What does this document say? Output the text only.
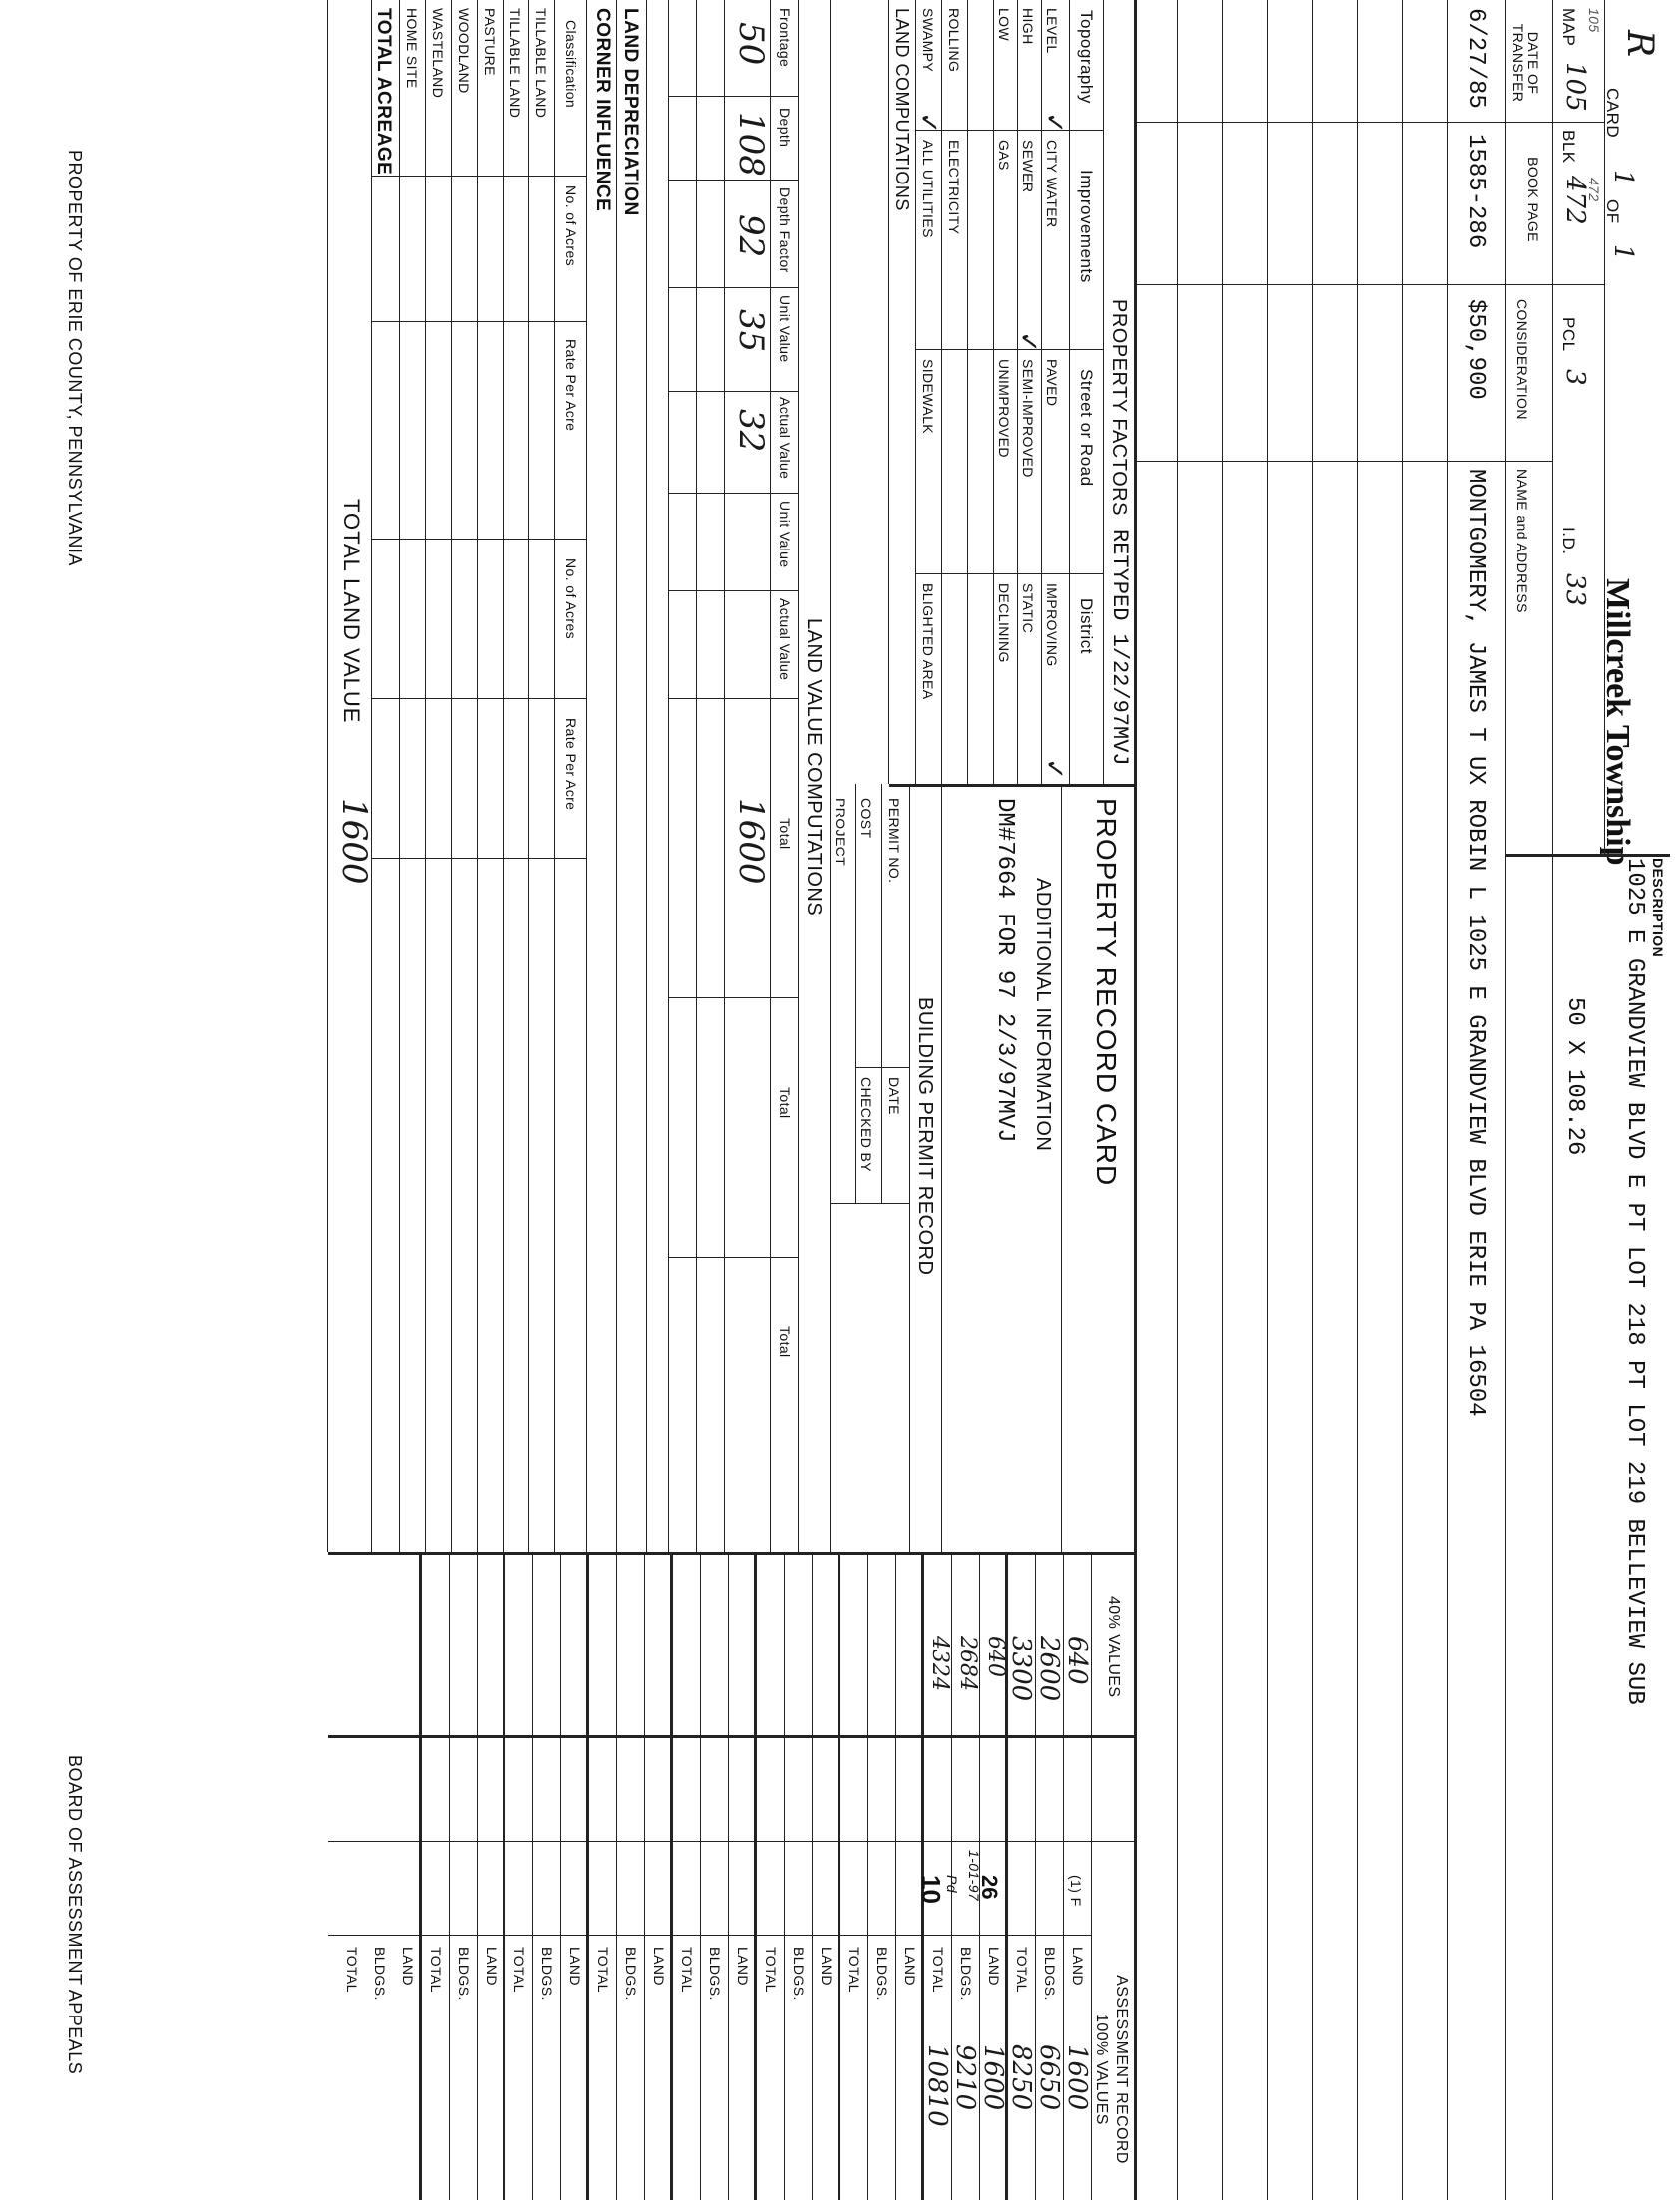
R
CARD
1
OF
1
Millcreek Township
DESCRIPTION
1025 E GRANDVIEW BLVD E PT LOT 218 PT LOT 219 BELLEVIEW SUB
105
MAP
105
472
BLK
472
PCL
3
I.D.
33
50 X 108.26
DATE OF TRANSFER
BOOK PAGE
CONSIDERATION
NAME and ADDRESS
6/27/85
1585-286
$50,900
MONTGOMERY, JAMES T UX ROBIN L 1025 E GRANDVIEW BLVD ERIE PA 16504
PROPERTY FACTORS
RETYPED 1/22/97MVJ
Topography
Improvements
Street or Road
District
LEVEL
HIGH
LOW
ROLLING
SWAMPY
CITY WATER
SEWER
GAS
ELECTRICITY
ALL UTILITIES
PAVED
SEMI-IMPROVED
UNIMPROVED
SIDEWALK
IMPROVING
STATIC
DECLINING
BLIGHTED AREA
✓
✓
✓
✓
PROPERTY RECORD CARD
ADDITIONAL INFORMATION
DM#7664 FOR 97 2/3/97MVJ
BUILDING PERMIT RECORD
PERMIT NO.
DATE
COST
CHECKED BY
PROJECT
LAND COMPUTATIONS
LAND VALUE COMPUTATIONS
Frontage
Depth
Depth Factor
Unit Value
Actual Value
Unit Value
Actual Value
Total
Total
Total
50
108
92
35
32
1600
LAND DEPRECIATION
CORNER INFLUENCE
Classification
No. of Acres
Rate Per Acre
No. of Acres
Rate Per Acre
TILLABLE LAND
TILLABLE LAND
PASTURE
WOODLAND
WASTELAND
HOME SITE
TOTAL ACREAGE
TOTAL LAND VALUE
1600
40% VALUES
ASSESSMENT RECORD
100% VALUES
LAND
BLDGS.
TOTAL
LAND
BLDGS.
TOTAL
LAND
BLDGS.
TOTAL
LAND
BLDGS.
TOTAL
LAND
BLDGS.
TOTAL
LAND
BLDGS.
TOTAL
LAND
BLDGS.
TOTAL
LAND
BLDGS.
TOTAL
LAND
BLDGS.
TOTAL
1600
6650
8250
1600
9210
10810
640
2600
3300
640
2684
4324
(1) F
26
1-01-97
Pd
10
PROPERTY OF ERIE COUNTY, PENNSYLVANIA
BOARD OF ASSESSMENT APPEALS
